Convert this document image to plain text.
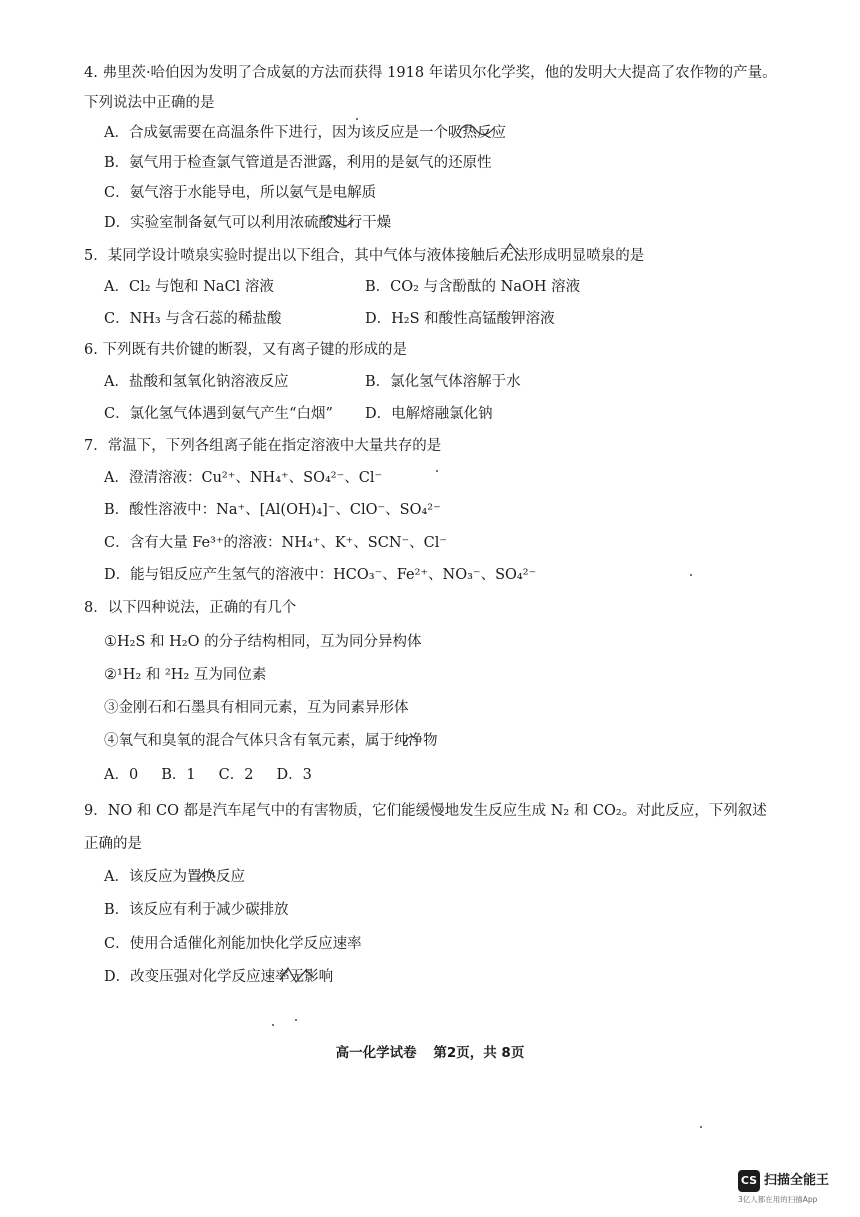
4. 弗里茨·哈伯因为发明了合成氨的方法而获得 1918 年诺贝尔化学奖，他的发明大大提高了农作物的产量。
下列说法中正确的是
A．合成氨需要在高温条件下进行，因为该反应是一个吸热反应
B．氨气用于检查氯气管道是否泄露，利用的是氨气的还原性
C．氨气溶于水能导电，所以氨气是电解质
D．实验室制备氨气可以利用浓硫酸进行干燥
5．某同学设计喷泉实验时提出以下组合，其中气体与液体接触后无法形成明显喷泉的是
A．Cl₂ 与饱和 NaCl 溶液	B．CO₂ 与含酚酞的 NaOH 溶液
C．NH₃ 与含石蕊的稀盐酸	D．H₂S 和酸性高锰酸钾溶液
6. 下列既有共价键的断裂，又有离子键的形成的是
A．盐酸和氢氧化钠溶液反应	B．氯化氢气体溶解于水
C．氯化氢气体遇到氨气产生“白烟” D．电解熔融氯化钠
7．常温下，下列各组离子能在指定溶液中大量共存的是
A．澄清溶液：Cu²⁺、NH₄⁺、SO₄²⁻、Cl⁻
B．酸性溶液中：Na⁺、[Al(OH)₄]⁻、ClO⁻、SO₄²⁻
C．含有大量 Fe³⁺的溶液：NH₄⁺、K⁺、SCN⁻、Cl⁻
D．能与铝反应产生氢气的溶液中：HCO₃⁻、Fe²⁺、NO₃⁻、SO₄²⁻
8．以下四种说法，正确的有几个
①H₂S 和 H₂O 的分子结构相同，互为同分异构体
②¹H₂ 和 ²H₂ 互为同位素
③金刚石和石墨具有相同元素，互为同素异形体
④氧气和臭氧的混合气体只含有氧元素，属于纯净物
A．0     B．1     C．2     D．3
9．NO 和 CO 都是汽车尾气中的有害物质，它们能缓慢地发生反应生成 N₂ 和 CO₂。对此反应，下列叙述
正确的是
A．该反应为置换反应
B．该反应有利于减少碳排放
C．使用合适催化剂能加快化学反应速率
D．改变压强对化学反应速率无影响
高一化学试卷 第2页，共 8页
CS 扫描全能王
3亿人都在用的扫描App
